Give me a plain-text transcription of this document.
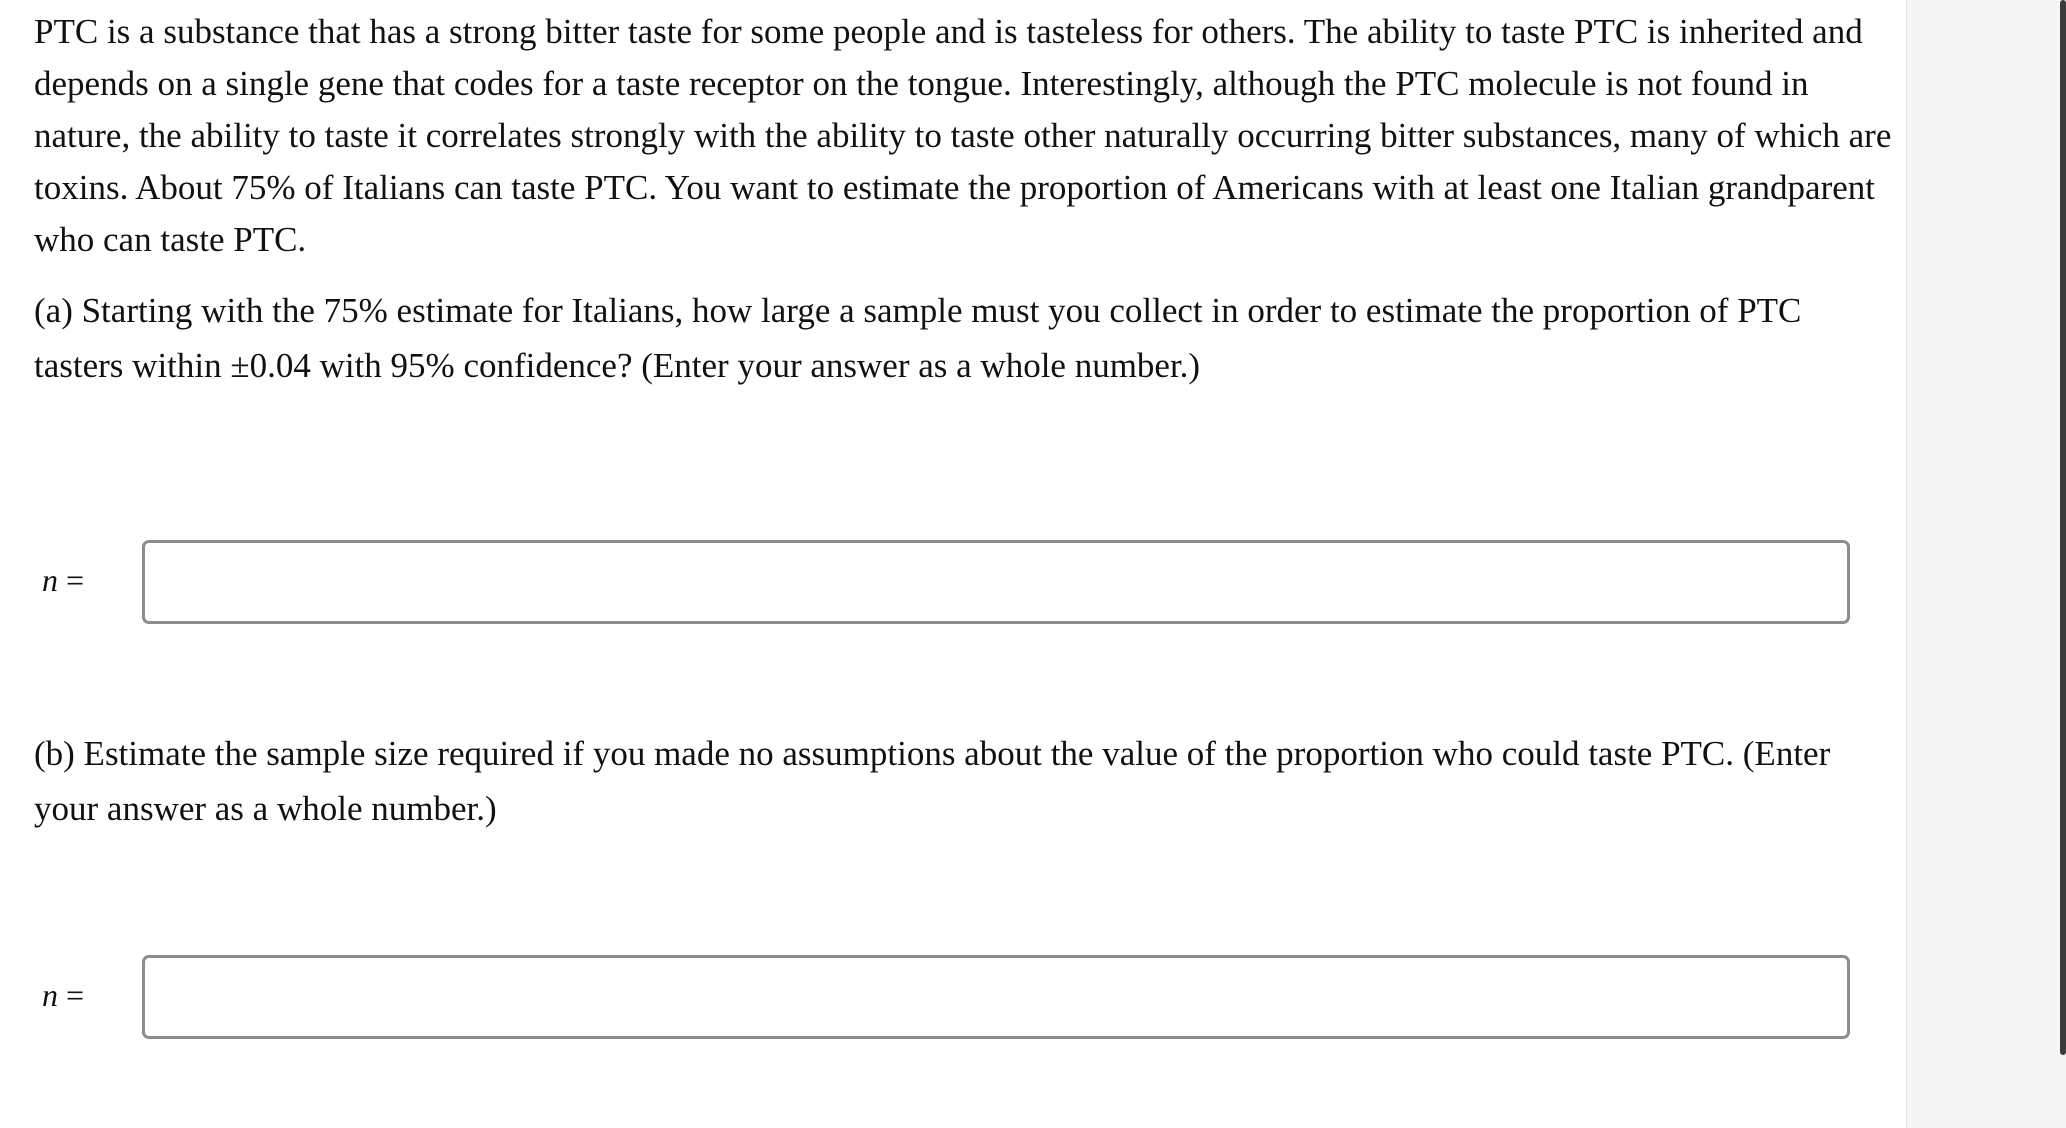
PTC is a substance that has a strong bitter taste for some people and is tasteless for others. The ability to taste PTC is inherited and depends on a single gene that codes for a taste receptor on the tongue. Interestingly, although the PTC molecule is not found in nature, the ability to taste it correlates strongly with the ability to taste other naturally occurring bitter substances, many of which are toxins. About 75% of Italians can taste PTC. You want to estimate the proportion of Americans with at least one Italian grandparent who can taste PTC.

(a) Starting with the 75% estimate for Italians, how large a sample must you collect in order to estimate the proportion of PTC tasters within ±0.04 with 95% confidence? (Enter your answer as a whole number.)

n =

(b) Estimate the sample size required if you made no assumptions about the value of the proportion who could taste PTC. (Enter your answer as a whole number.)

n =
